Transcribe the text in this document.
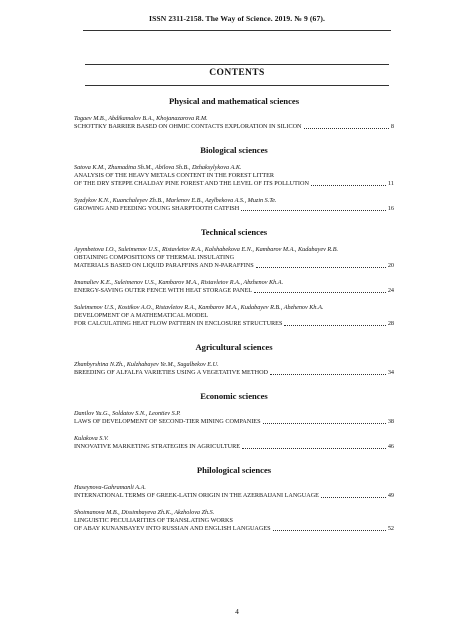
ISSN 2311-2158. The Way of Science. 2019. № 9 (67).
CONTENTS
Physical and mathematical sciences
Tagaev M.B., Abdikamalov B.A., Khojanazarova R.M.
SCHOTTKY BARRIER BASED ON OHMIC CONTACTS EXPLORATION IN SILICON	8
Biological sciences
Satova K.M., Zhumadina Sh.M., Abilova Sh.B., Dzhaksylykova A.K.
ANALYSIS OF THE HEAVY METALS CONTENT IN THE FOREST LITTER
OF THE DRY STEPPE CHALDAY PINE FOREST AND THE LEVEL OF ITS POLLUTION	11
Syzdykov K.N., Kuanchaleyev Zh.B., Marlenov E.B., Azylbekova A.S., Muzin S.Te.
GROWING AND FEEDING YOUNG SHARPTOOTH CATFISH	16
Technical sciences
Ayymbetova I.O., Suleimenov U.S., Ristavletov R.A., Kalshabekova E.N., Kambarov M.A., Kudabayev R.B.
OBTAINING COMPOSITIONS OF THERMAL INSULATING
MATERIALS BASED ON LIQUID PARAFFINS AND N-PARAFFINS	20
Imanaliev K.E., Suleimenov U.S., Kambarov M.A., Ristavletov R.A., Abzhenov Kh.A.
ENERGY-SAVING OUTER FENCE WITH HEAT STORAGE PANEL	24
Suleimenov U.S., Kostikov A.O., Ristavletov R.A., Kambarov M.A., Kudabayev R.B., Abzhenov Kh.A.
DEVELOPMENT OF A MATHEMATICAL MODEL
FOR CALCULATING HEAT FLOW PATTERN IN ENCLOSURE STRUCTURES	28
Agricultural sciences
Zhanbyrshina N.Zh., Kulzhabayev Ye.M., Sagalbekov E.U.
BREEDING OF ALFALFA VARIETIES USING A VEGETATIVE METHOD	34
Economic sciences
Danilov Yu.G., Soldatov S.N., Leontiev S.P.
LAWS OF DEVELOPMENT OF SECOND-TIER MINING COMPANIES	38
Kulakova S.V.
INNOVATIVE MARKETING STRATEGIES IN AGRICULTURE	46
Philological sciences
Huseynova-Gahramanli A.A.
INTERNATIONAL TERMS OF GREEK-LATIN ORIGIN IN THE AZERBAIJANI LANGUAGE	49
Shoimanova M.B., Dissimbayeva Zh.K., Akzholova Zh.S.
LINGUISTIC PECULIARITIES OF TRANSLATING WORKS
OF ABAY KUNANBAYEV INTO RUSSIAN AND ENGLISH LANGUAGES	52
4
